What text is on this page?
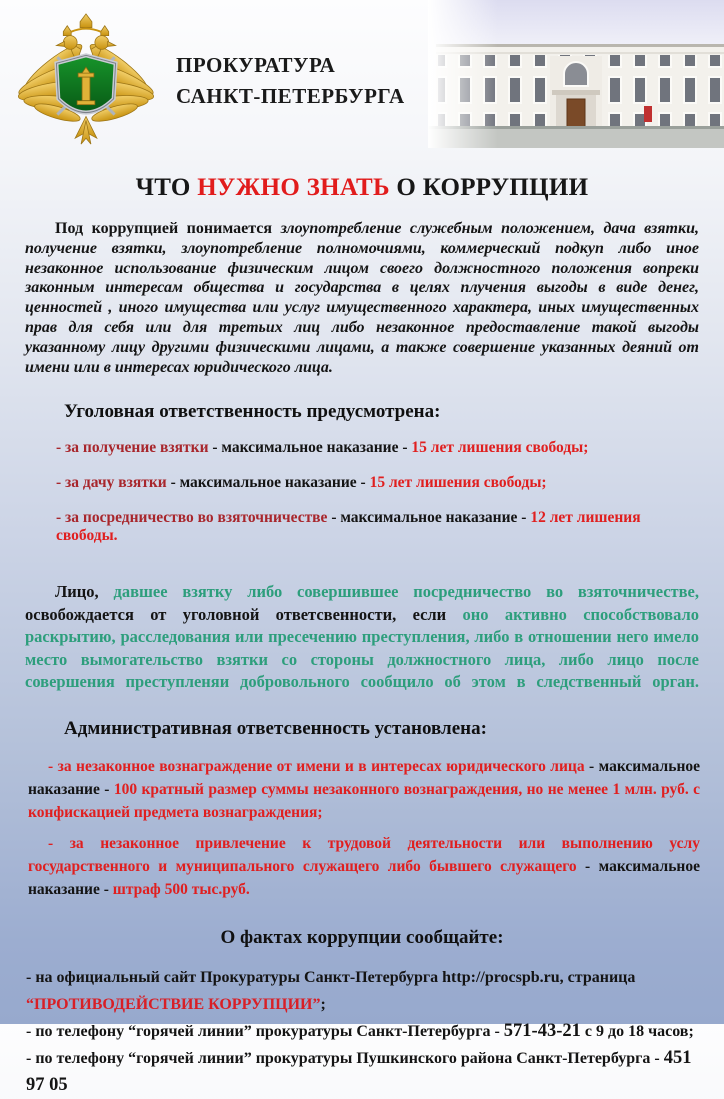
ПРОКУРАТУРА
САНКТ-ПЕТЕРБУРГА
ЧТО НУЖНО ЗНАТЬ О КОРРУПЦИИ

Под коррупцией понимается злоупотребление служебным положением, дача взятки, получение взятки, злоупотребление полномочиями, коммерческий подкуп либо иное незаконное использование физическим лицом своего должностного положения вопреки законным интересам общества и государства в целях плучения выгоды в виде денег, ценностей , иного имущества или услуг имущественного характера, иных имущественных прав для себя или для третьих лиц либо незаконное предоставление такой выгоды указанному лицу другими физическими лицами, а также совершение указанных деяний от имени или в интересах юридического лица.

Уголовная ответственность предусмотрена:
- за получение взятки - максимальное наказание - 15 лет лишения свободы;
- за дачу взятки - максимальное наказание - 15 лет лишения свободы;
- за посредничество во взяточничестве - максимальное наказание - 12 лет лишения свободы.

Лицо, давшее взятку либо совершившее посредничество во взяточничестве, освобождается от уголовной ответсвенности, если оно активно способствовало раскрытию, расследования или пресечению преступления, либо в отношении него имело место вымогательство взятки со стороны должностного лица, либо лицо после совершения преступленяи добровольного сообщило об этом в следственный орган.

Административная ответсвенность установлена:
- за незаконное вознаграждение от имени и в интересах юридического лица - максимальное наказание - 100 кратный размер суммы незаконного вознаграждения, но не менее 1 млн. руб. с конфискацией предмета вознаграждения;
- за незаконное привлечение к трудовой деятельности или выполнению услу государственного и муниципального служащего либо бывшего служащего - максимальное наказание - штраф 500 тыс.руб.
О фактах коррупции сообщайте:
- на официальный сайт Прокуратуры Санкт-Петербурга http://procspb.ru, страница
“ПРОТИВОДЕЙСТВИЕ КОРРУПЦИИ”;
- по телефону “горячей линии” прокуратуры Санкт-Петербурга - 571-43-21 с 9 до 18 часов;
- по телефону “горячей линии” прокуратуры Пушкинского района Санкт-Петербурга - 451 97 05
